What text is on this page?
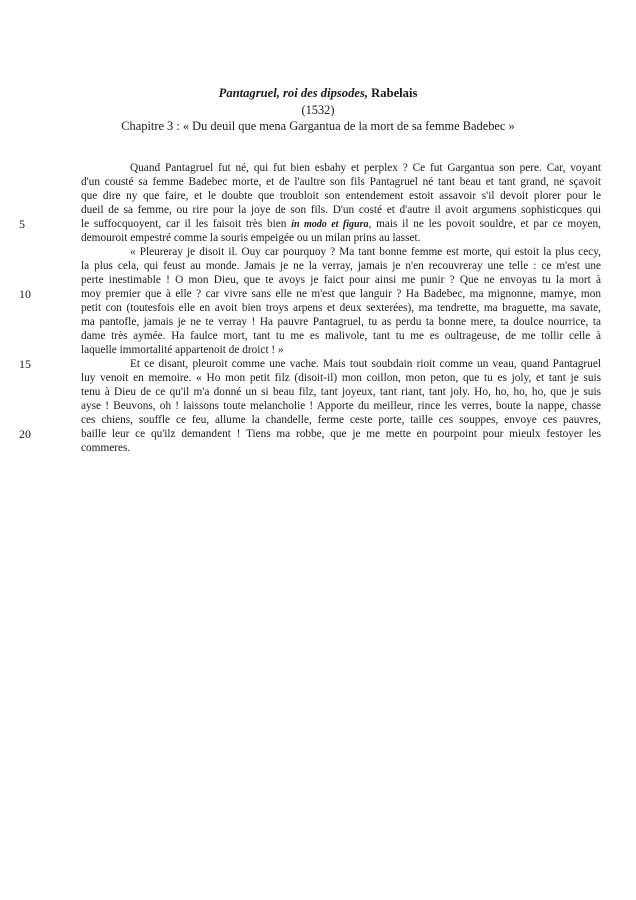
Pantagruel, roi des dipsodes, Rabelais
(1532)
Chapitre 3 : « Du deuil que mena Gargantua de la mort de sa femme Badebec »
Quand Pantagruel fut né, qui fut bien esbahy et perplex ? Ce fut Gargantua son pere. Car, voyant
d'un cousté sa femme Badebec morte, et de l'aultre son fils Pantagruel né tant beau et tant grand, ne sçavoit
que dire ny que faire, et le doubte que troubloit son entendement estoit assavoir s'il devoit plorer pour le
dueil de sa femme, ou rire pour la joye de son fils. D'un costé et d'autre il avoit argumens sophisticques qui
5	le suffocquoyent, car il les faisoit très bien in modo et figura, mais il ne les povoit souldre, et par ce moyen,
demouroit empestré comme la souris empeigée ou un milan prins au lasset.
« Pleureray je disoit il. Ouy car pourquoy ? Ma tant bonne femme est morte, qui estoit la plus cecy,
la plus cela, qui feust au monde. Jamais je ne la verray, jamais je n'en recouvreray une telle : ce m'est une
perte inestimable ! O mon Dieu, que te avoys je faict pour ainsi me punir ? Que ne envoyas tu la mort à
10	moy premier que à elle ? car vivre sans elle ne m'est que languir ? Ha Badebec, ma mignonne, mamye, mon
petit con (toutesfois elle en avoit bien troys arpens et deux sexterées), ma tendrette, ma braguette, ma savate,
ma pantofle, jamais je ne te verray ! Ha pauvre Pantagruel, tu as perdu ta bonne mere, ta doulce nourrice, ta
dame très aymée. Ha faulce mort, tant tu me es malivole, tant tu me es oultrageuse, de me tollir celle à
laquelle immortalité appartenoit de droict ! »
15	Et ce disant, pleuroit comme une vache. Mais tout soubdain rioit comme un veau, quand Pantagruel
luy venoit en memoire. « Ho mon petit filz (disoit-il) mon coillon, mon peton, que tu es joly, et tant je suis
tenu à Dieu de ce qu'il m'a donné un si beau filz, tant joyeux, tant riant, tant joly. Ho, ho, ho, ho, que je suis
ayse ! Beuvons, oh ! laissons toute melancholie ! Apporte du meilleur, rince les verres, boute la nappe, chasse
ces chiens, souffle ce feu, allume la chandelle, ferme ceste porte, taille ces souppes, envoye ces pauvres,
20	baille leur ce qu'ilz demandent ! Tiens ma robbe, que je me mette en pourpoint pour mieulx festoyer les
commeres.
